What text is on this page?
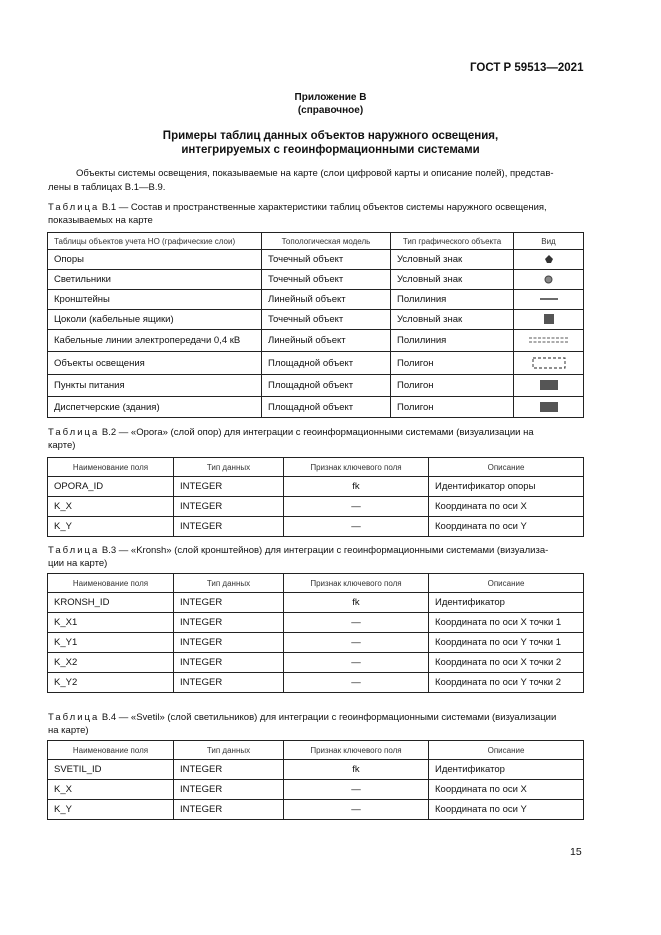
ГОСТ Р 59513—2021
Приложение В
(справочное)
Примеры таблиц данных объектов наружного освещения,
интегрируемых с геоинформационными системами
Объекты системы освещения, показываемые на карте (слои цифровой карты и описание полей), представ-
лены в таблицах В.1—В.9.
Таблица В.1 — Состав и пространственные характеристики таблиц объектов системы наружного освещения,
показываемых на карте
Таблицы объектов учета НО (графические слои)	Топологическая модель	Тип графического объекта	Вид
Опоры	Точечный объект	Условный знак	
Светильники	Точечный объект	Условный знак	
Кронштейны	Линейный объект	Полилиния	
Цоколи (кабельные ящики)	Точечный объект	Условный знак	
Кабельные линии электропередачи 0,4 кВ	Линейный объект	Полилиния	
Объекты освещения	Площадной объект	Полигон	
Пункты питания	Площадной объект	Полигон	
Диспетчерские (здания)	Площадной объект	Полигон	
Таблица В.2 — «Opora» (слой опор) для интеграции с геоинформационными системами (визуализации на
карте)
Наименование поля	Тип данных	Признак ключевого поля	Описание
OPORA_ID	INTEGER	fk	Идентификатор опоры
K_X	INTEGER	—	Координата по оси X
K_Y	INTEGER	—	Координата по оси Y
Таблица В.3 — «Kronsh» (слой кронштейнов) для интеграции с геоинформационными системами (визуализа-
ции на карте)
Наименование поля	Тип данных	Признак ключевого поля	Описание
KRONSH_ID	INTEGER	fk	Идентификатор
K_X1	INTEGER	—	Координата по оси X точки 1
K_Y1	INTEGER	—	Координата по оси Y точки 1
K_X2	INTEGER	—	Координата по оси X точки 2
K_Y2	INTEGER	—	Координата по оси Y точки 2
Таблица В.4 — «Svetil» (слой светильников) для интеграции с геоинформационными системами (визуализации
на карте)
Наименование поля	Тип данных	Признак ключевого поля	Описание
SVETIL_ID	INTEGER	fk	Идентификатор
K_X	INTEGER	—	Координата по оси X
K_Y	INTEGER	—	Координата по оси Y
15
